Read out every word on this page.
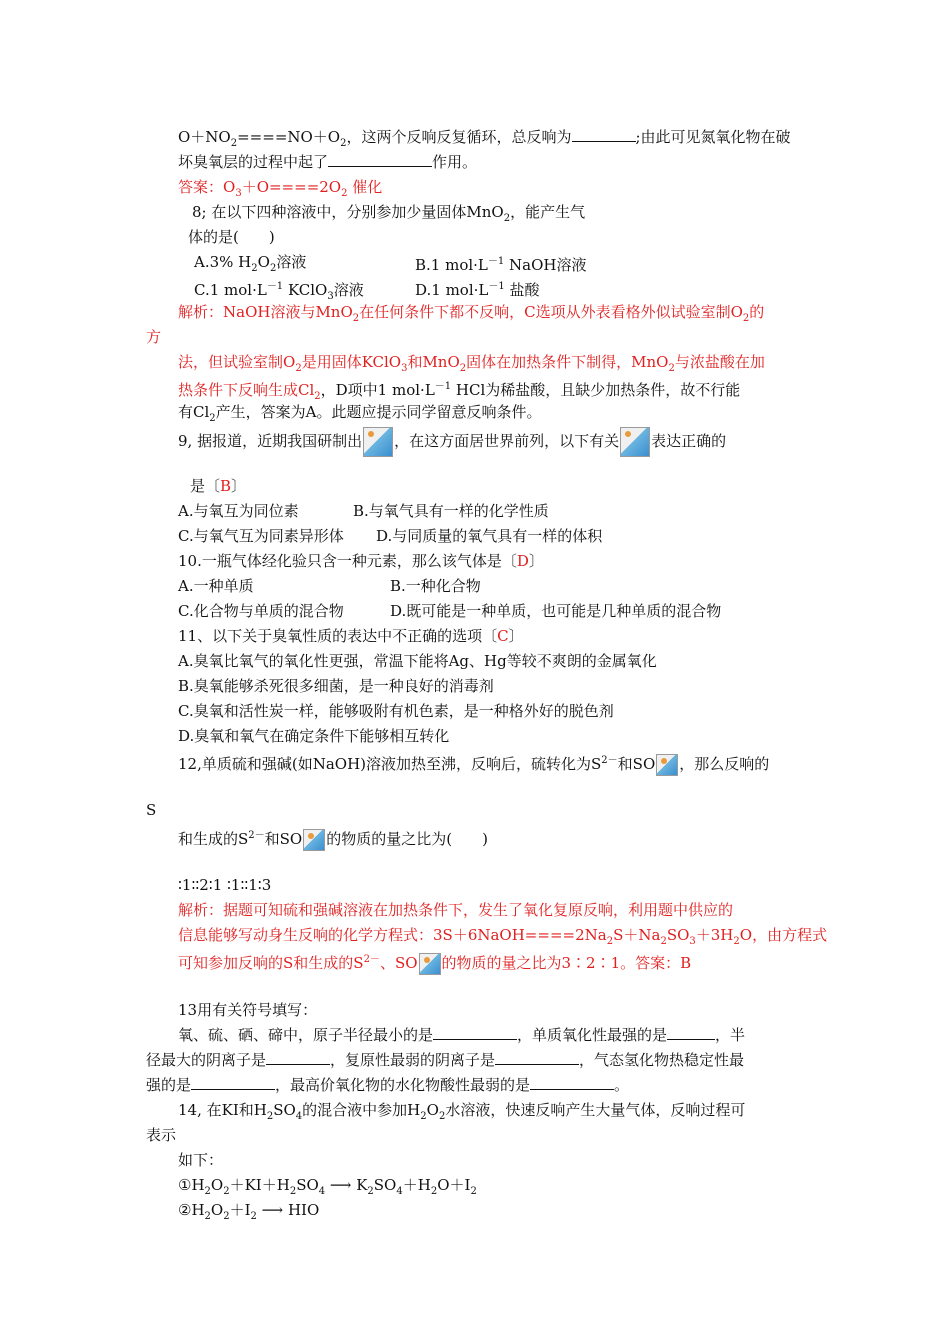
$O+NO_2====NO+O_2$，这两个反响反复循环，总反响为	;由此可见氮氧化物在破
坏臭氧层的过程中起了	作用。
答案：$O_3+O====2O_2$ 催化
8; 在以下四种溶液中，分别参加少量固体MnO$_2$，能产生气
体的是(　　)
A.3% $H_2O_2$溶液	B.1 $mol\cdot L^{-1}$ NaOH溶液
C.1 $mol\cdot L^{-1}$ KClO$_3$溶液	D.1 $mol\cdot L^{-1}$ 盐酸
解析：NaOH溶液与MnO$_2$在任何条件下都不反响，C选项从外表看格外似试验室制$O_2$的
方
法，但试验室制$O_2$是用固体KClO$_3$和MnO$_2$固体在加热条件下制得，MnO$_2$与浓盐酸在加
热条件下反响生成$Cl_2$，D项中1 $mol\cdot L^{-1}$ HCl为稀盐酸，且缺少加热条件，故不行能
有$Cl_2$产生，答案为A。此题应提示同学留意反响条件。
9, 据报道，近期我国研制出 ，在这方面居世界前列，以下有关 表达正确的
是〔B〕
A.与氧互为同位素	B.与氧气具有一样的化学性质
C.与氧气互为同素异形体 D.与同质量的氧气具有一样的体积
10.一瓶气体经化验只含一种元素，那么该气体是〔D〕
A.一种单质	B.一种化合物
C.化合物与单质的混合物	D.既可能是一种单质，也可能是几种单质的混合物
11、以下关于臭氧性质的表达中不正确的选项〔C〕
A.臭氧比氧气的氧化性更强，常温下能将Ag、Hg等较不爽朗的金属氧化
B.臭氧能够杀死很多细菌，是一种良好的消毒剂
C.臭氧和活性炭一样，能够吸附有机色素，是一种格外好的脱色剂
D.臭氧和氧气在确定条件下能够相互转化
12,单质硫和强碱(如NaOH)溶液加热至沸，反响后，硫转化为$S^{2-}$和SO ，那么反响的
S
和生成的$S^{2-}$和SO 的物质的量之比为(　　)
∶1∶∶2∶1 ∶1∶∶1∶3
解析：据题可知硫和强碱溶液在加热条件下，发生了氧化复原反响，利用题中供应的
信息能够写动身生反响的化学方程式：$3S+6NaOH====2Na_2S+Na_2SO_3+3H_2O$，由方程式
可知参加反响的S和生成的$S^{2-}$、SO 的物质的量之比为3∶2∶1。答案：B
13用有关符号填写：
氧、硫、硒、碲中，原子半径最小的是	，单质氧化性最强的是	，半
径最大的阴离子是	，复原性最弱的阴离子是	，气态氢化物热稳定性最
强的是	，最高价氧化物的水化物酸性最弱的是	。
14, 在KI和$H_2SO_4$的混合液中参加$H_2O_2$水溶液，快速反响产生大量气体，反响过程可
表示
如下：
$①H_2O_2+KI+H_2SO_4$ ⟶ $K_2SO_4+H_2O+I_2$
$②H_2O_2+I_2$ ⟶ HIO
